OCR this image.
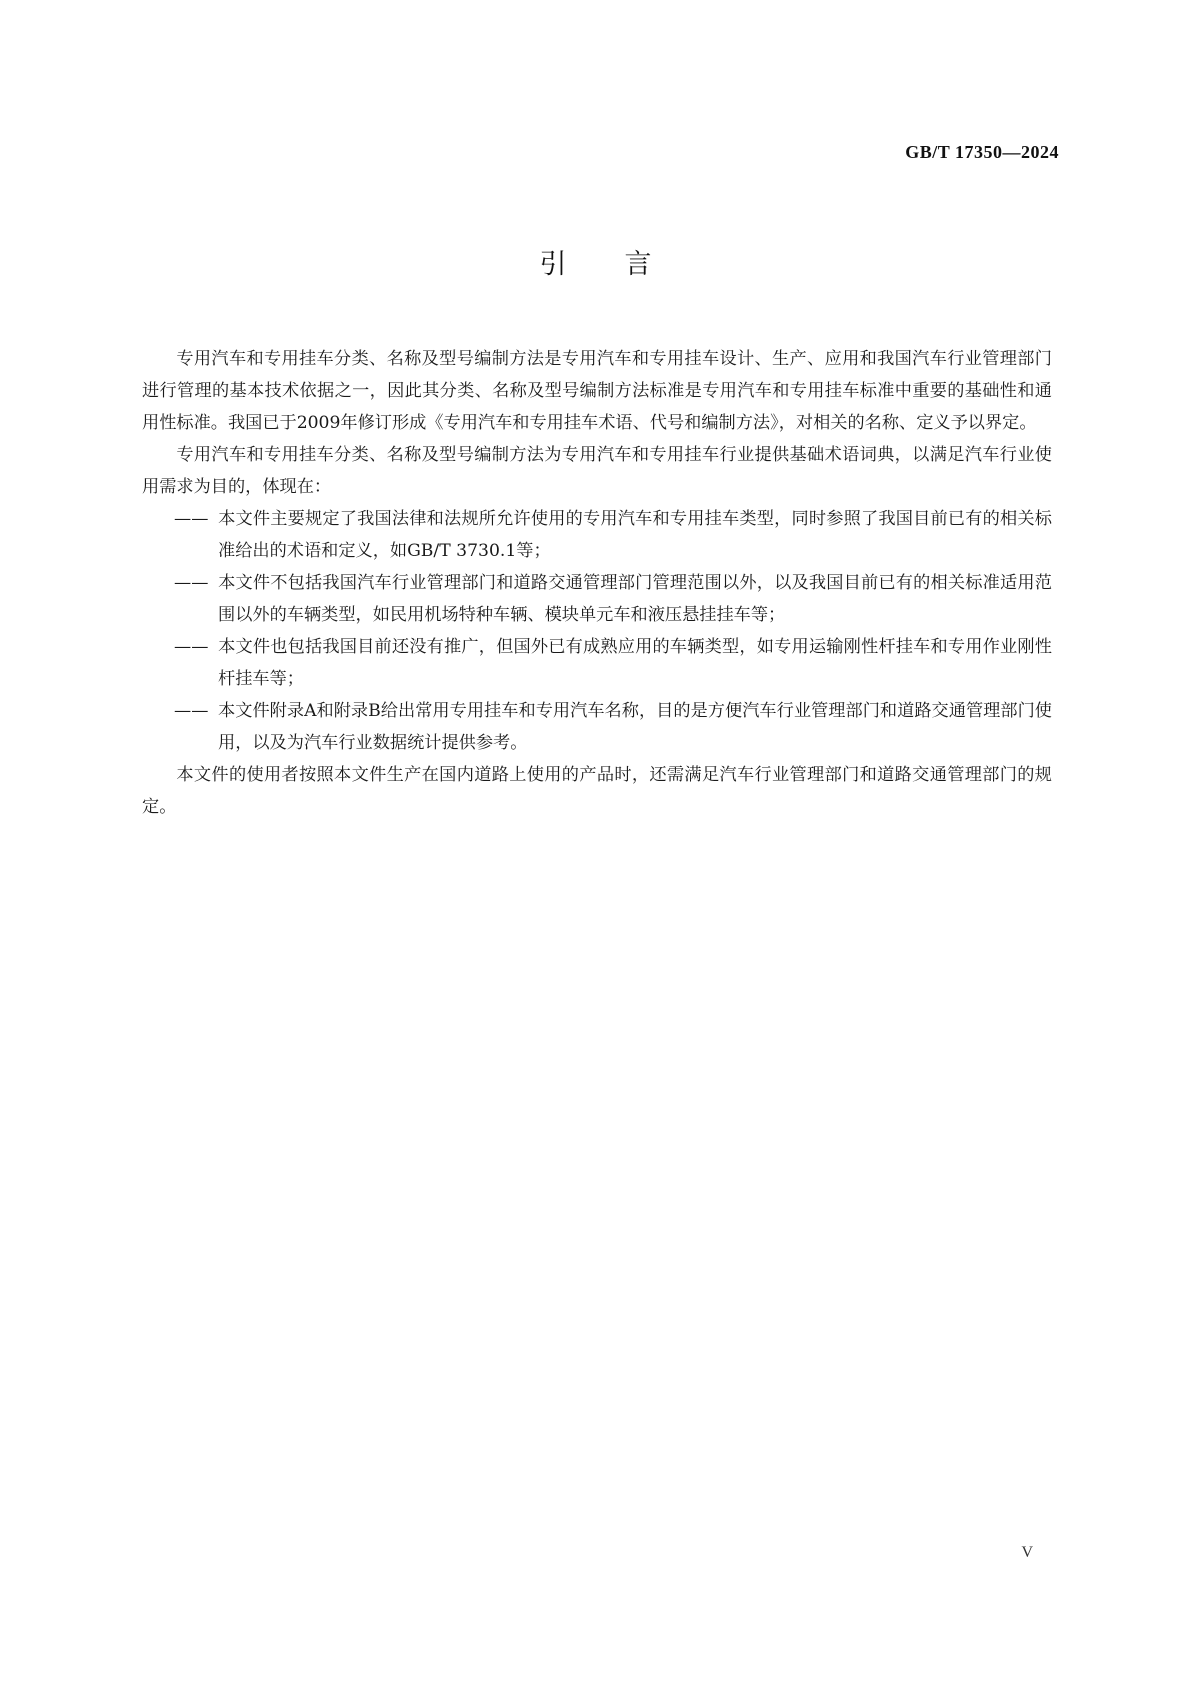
GB/T 17350—2024
引言

专用汽车和专用挂车分类、名称及型号编制方法是专用汽车和专用挂车设计、生产、应用和我国汽车行业管理部门进行管理的基本技术依据之一，因此其分类、名称及型号编制方法标准是专用汽车和专用挂车标准中重要的基础性和通用性标准。我国已于2009年修订形成《专用汽车和专用挂车术语、代号和编制方法》，对相关的名称、定义予以界定。

专用汽车和专用挂车分类、名称及型号编制方法为专用汽车和专用挂车行业提供基础术语词典，以满足汽车行业使用需求为目的，体现在：

—— 本文件主要规定了我国法律和法规所允许使用的专用汽车和专用挂车类型，同时参照了我国目前已有的相关标准给出的术语和定义，如GB/T 3730.1等；

—— 本文件不包括我国汽车行业管理部门和道路交通管理部门管理范围以外，以及我国目前已有的相关标准适用范围以外的车辆类型，如民用机场特种车辆、模块单元车和液压悬挂挂车等；

—— 本文件也包括我国目前还没有推广，但国外已有成熟应用的车辆类型，如专用运输刚性杆挂车和专用作业刚性杆挂车等；

—— 本文件附录A和附录B给出常用专用挂车和专用汽车名称，目的是方便汽车行业管理部门和道路交通管理部门使用，以及为汽车行业数据统计提供参考。

本文件的使用者按照本文件生产在国内道路上使用的产品时，还需满足汽车行业管理部门和道路交通管理部门的规定。

V
